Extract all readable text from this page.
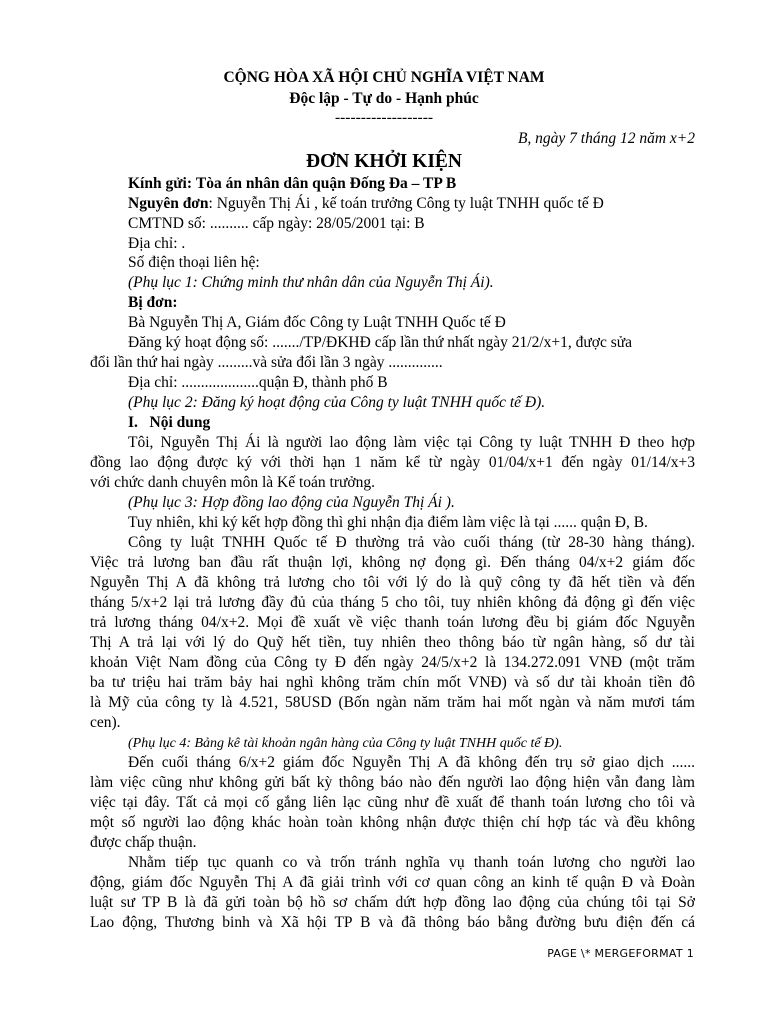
CỘNG HÒA XÃ HỘI CHỦ NGHĨA VIỆT NAM
Độc lập - Tự do - Hạnh phúc
-------------------
B, ngày 7 tháng 12 năm x+2
ĐƠN KHỞI KIỆN
Kính gửi: Tòa án nhân dân quận Đống Đa – TP B
Nguyên đơn: Nguyễn Thị Ái , kế toán trưởng Công ty luật TNHH quốc tế Đ
CMTND số: .......... cấp ngày: 28/05/2001 tại: B
Địa chỉ: .
Số điện thoại liên hệ:
(Phụ lục 1: Chứng minh thư nhân dân của Nguyễn Thị Ái).
Bị đơn:
Bà Nguyễn Thị A, Giám đốc Công ty Luật TNHH Quốc tế Đ
Đăng ký hoạt động số: ......./TP/ĐKHĐ cấp lần thứ nhất ngày 21/2/x+1, được sửa
đổi lần thứ hai ngày .........và sửa đổi lần 3 ngày ..............
Địa chỉ: ....................quận Đ, thành phố B
(Phụ lục 2: Đăng ký hoạt động của Công ty luật TNHH quốc tế Đ).
I. Nội dung
Tôi, Nguyễn Thị Ái là người lao động làm việc tại Công ty luật TNHH Đ theo hợp
đồng lao động được ký với thời hạn 1 năm kể từ ngày 01/04/x+1 đến ngày 01/14/x+3
với chức danh chuyên môn là Kế toán trưởng.
(Phụ lục 3: Hợp đồng lao động của Nguyễn Thị Ái ).
Tuy nhiên, khi ký kết hợp đồng thì ghi nhận địa điểm làm việc là tại ...... quận Đ, B.
Công ty luật TNHH Quốc tế Đ thường trả vào cuối tháng (từ 28-30 hàng tháng).
Việc trả lương ban đầu rất thuận lợi, không nợ đọng gì. Đến tháng 04/x+2 giám đốc
Nguyễn Thị A đã không trả lương cho tôi với lý do là quỹ công ty đã hết tiền và đến
tháng 5/x+2 lại trả lương đầy đủ của tháng 5 cho tôi, tuy nhiên không đả động gì đến việc
trả lương tháng 04/x+2. Mọi đề xuất về việc thanh toán lương đều bị giám đốc Nguyễn
Thị A trả lại với lý do Quỹ hết tiền, tuy nhiên theo thông báo từ ngân hàng, số dư tài
khoản Việt Nam đồng của Công ty Đ đến ngày 24/5/x+2 là 134.272.091 VNĐ (một trăm
ba tư triệu hai trăm bảy hai nghì không trăm chín mốt VNĐ) và số dư tài khoản tiền đô
là Mỹ của công ty là 4.521, 58USD (Bốn ngàn năm trăm hai mốt ngàn và năm mươi tám
cen).
(Phụ lục 4: Bảng kê tài khoản ngân hàng của Công ty luật TNHH quốc tế Đ).
Đến cuối tháng 6/x+2 giám đốc Nguyễn Thị A đã không đến trụ sở giao dịch ......
làm việc cũng như không gửi bất kỳ thông báo nào đến người lao động hiện vẫn đang làm
việc tại đây. Tất cả mọi cố gắng liên lạc cũng như đề xuất để thanh toán lương cho tôi và
một số người lao động khác hoàn toàn không nhận được thiện chí hợp tác và đều không
được chấp thuận.
Nhằm tiếp tục quanh co và trốn tránh nghĩa vụ thanh toán lương cho người lao
động, giám đốc Nguyễn Thị A đã giải trình với cơ quan công an kinh tế quận Đ và Đoàn
luật sư TP B là đã gửi toàn bộ hồ sơ chấm dứt hợp đồng lao động của chúng tôi tại Sở
Lao động, Thương binh và Xã hội TP B và đã thông báo bằng đường bưu điện đến cá
PAGE \* MERGEFORMAT 1
